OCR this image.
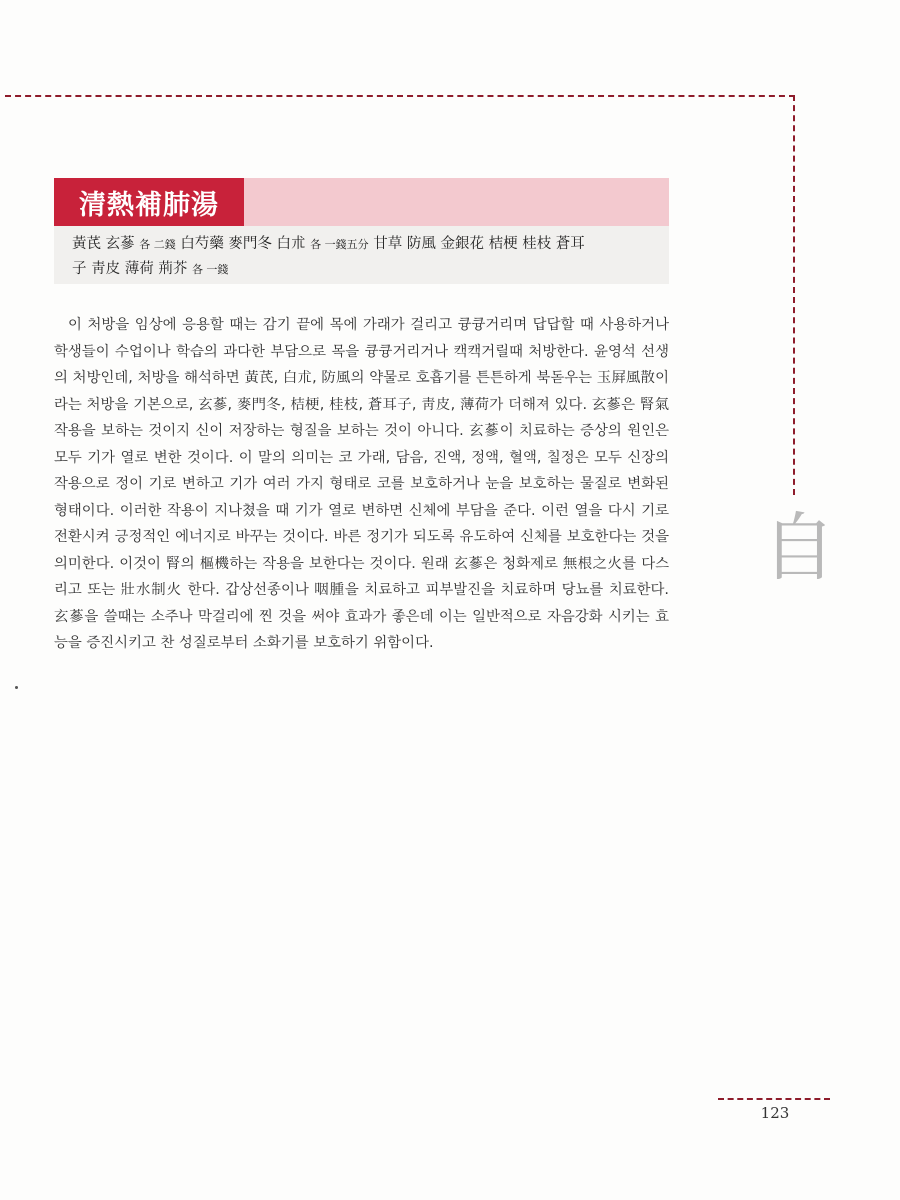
清熱補肺湯
黃芪 玄蔘 各 二錢 白芍藥 麥門冬 白朮 各 一錢五分 甘草 防風 金銀花 桔梗 桂枝 蒼耳
子 靑皮 薄荷 荊芥 各 一錢

이 처방을 임상에 응용할 때는 감기 끝에 목에 가래가 걸리고 큥큥거리며 답답할 때 사용하거나 학생들이 수업이나 학습의 과다한 부담으로 목을 큥큥거리거나 캑캑거릴때 처방한다. 윤영석 선생의 처방인데, 처방을 해석하면 黃芪, 白朮, 防風의 약물로 호흡기를 튼튼하게 북돋우는 玉屛風散이라는 처방을 기본으로, 玄蔘, 麥門冬, 桔梗, 桂枝, 蒼耳子, 靑皮, 薄荷가 더해져 있다. 玄蔘은 腎氣작용을 보하는 것이지 신이 저장하는 형질을 보하는 것이 아니다. 玄蔘이 치료하는 증상의 원인은 모두 기가 열로 변한 것이다. 이 말의 의미는 코 가래, 담음, 진액, 정액, 혈액, 칠정은 모두 신장의 작용으로 정이 기로 변하고 기가 여러 가지 형태로 코를 보호하거나 눈을 보호하는 물질로 변화된 형태이다. 이러한 작용이 지나쳤을 때 기가 열로 변하면 신체에 부담을 준다. 이런 열을 다시 기로 전환시켜 긍정적인 에너지로 바꾸는 것이다. 바른 정기가 되도록 유도하여 신체를 보호한다는 것을 의미한다. 이것이 腎의 樞機하는 작용을 보한다는 것이다. 원래 玄蔘은 청화제로 無根之火를 다스리고 또는 壯水制火 한다. 갑상선종이나 咽腫을 치료하고 피부발진을 치료하며 당뇨를 치료한다. 玄蔘을 쓸때는 소주나 막걸리에 찐 것을 써야 효과가 좋은데 이는 일반적으로 자음강화 시키는 효능을 증진시키고 찬 성질로부터 소화기를 보호하기 위함이다.

自
123
